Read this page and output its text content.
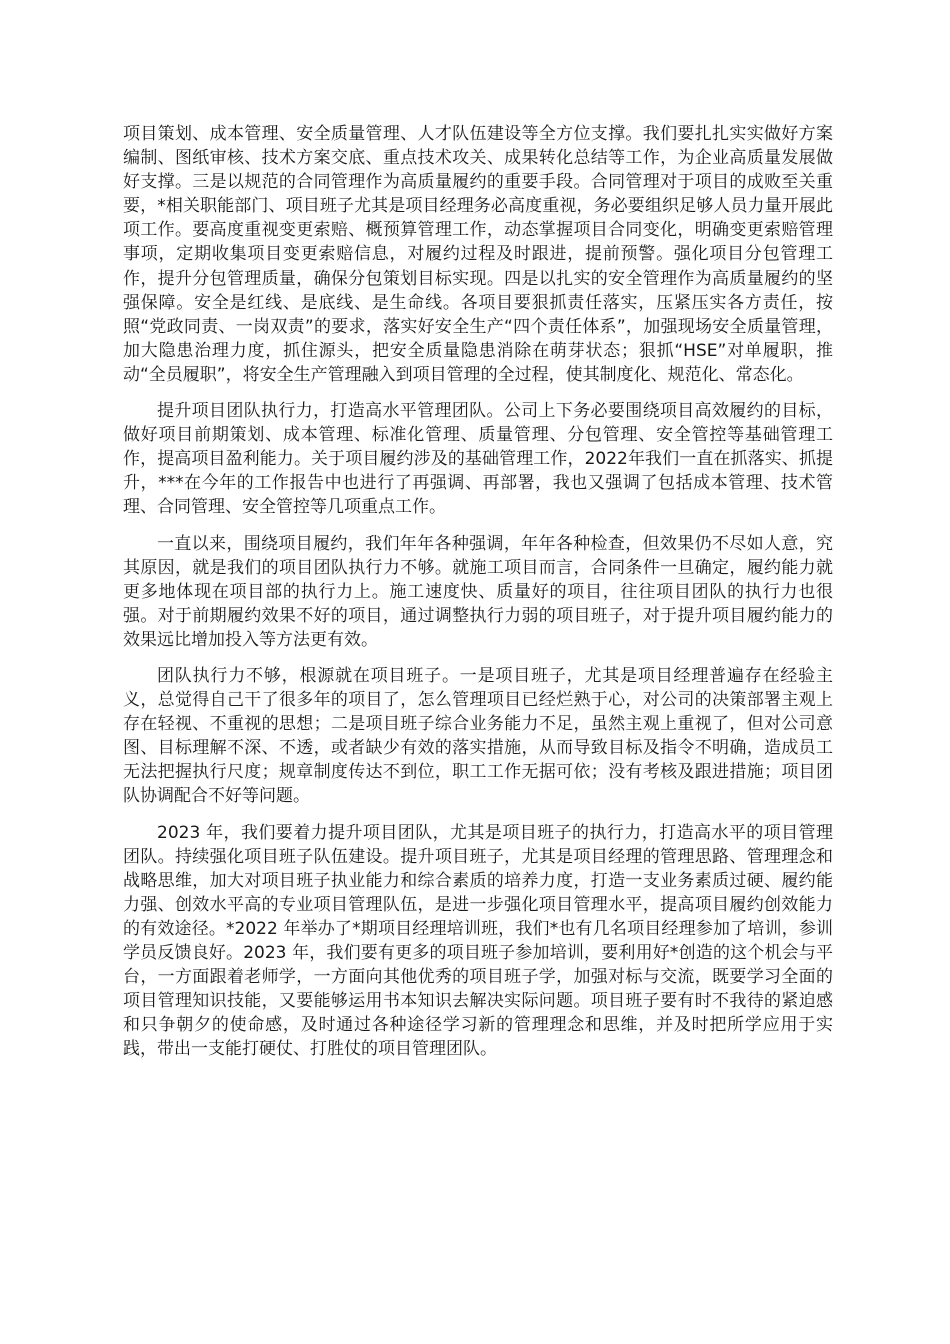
项目策划、成本管理、安全质量管理、人才队伍建设等全方位支撑。我们要扎扎实实做好方案编制、图纸审核、技术方案交底、重点技术攻关、成果转化总结等工作，为企业高质量发展做好支撑。三是以规范的合同管理作为高质量履约的重要手段。合同管理对于项目的成败至关重要，*相关职能部门、项目班子尤其是项目经理务必高度重视，务必要组织足够人员力量开展此项工作。要高度重视变更索赔、概预算管理工作，动态掌握项目合同变化，明确变更索赔管理事项，定期收集项目变更索赔信息，对履约过程及时跟进，提前预警。强化项目分包管理工作，提升分包管理质量，确保分包策划目标实现。四是以扎实的安全管理作为高质量履约的坚强保障。安全是红线、是底线、是生命线。各项目要狠抓责任落实，压紧压实各方责任，按照“党政同责、一岗双责”的要求，落实好安全生产“四个责任体系”，加强现场安全质量管理，加大隐患治理力度，抓住源头，把安全质量隐患消除在萌芽状态；狠抓“HSE”对单履职，推动“全员履职”，将安全生产管理融入到项目管理的全过程，使其制度化、规范化、常态化。

提升项目团队执行力，打造高水平管理团队。公司上下务必要围绕项目高效履约的目标，做好项目前期策划、成本管理、标准化管理、质量管理、分包管理、安全管控等基础管理工作，提高项目盈利能力。关于项目履约涉及的基础管理工作，2022年我们一直在抓落实、抓提升，***在今年的工作报告中也进行了再强调、再部署，我也又强调了包括成本管理、技术管理、合同管理、安全管控等几项重点工作。

一直以来，围绕项目履约，我们年年各种强调，年年各种检查，但效果仍不尽如人意，究其原因，就是我们的项目团队执行力不够。就施工项目而言，合同条件一旦确定，履约能力就更多地体现在项目部的执行力上。施工速度快、质量好的项目，往往项目团队的执行力也很强。对于前期履约效果不好的项目，通过调整执行力弱的项目班子，对于提升项目履约能力的效果远比增加投入等方法更有效。

团队执行力不够，根源就在项目班子。一是项目班子，尤其是项目经理普遍存在经验主义，总觉得自己干了很多年的项目了，怎么管理项目已经烂熟于心，对公司的决策部署主观上存在轻视、不重视的思想；二是项目班子综合业务能力不足，虽然主观上重视了，但对公司意图、目标理解不深、不透，或者缺少有效的落实措施，从而导致目标及指令不明确，造成员工无法把握执行尺度；规章制度传达不到位，职工工作无据可依；没有考核及跟进措施；项目团队协调配合不好等问题。

2023 年，我们要着力提升项目团队，尤其是项目班子的执行力，打造高水平的项目管理团队。持续强化项目班子队伍建设。提升项目班子，尤其是项目经理的管理思路、管理理念和战略思维，加大对项目班子执业能力和综合素质的培养力度，打造一支业务素质过硬、履约能力强、创效水平高的专业项目管理队伍，是进一步强化项目管理水平，提高项目履约创效能力的有效途径。*2022 年举办了*期项目经理培训班，我们*也有几名项目经理参加了培训，参训学员反馈良好。2023 年，我们要有更多的项目班子参加培训，要利用好*创造的这个机会与平台，一方面跟着老师学，一方面向其他优秀的项目班子学，加强对标与交流，既要学习全面的项目管理知识技能，又要能够运用书本知识去解决实际问题。项目班子要有时不我待的紧迫感和只争朝夕的使命感，及时通过各种途径学习新的管理理念和思维，并及时把所学应用于实践，带出一支能打硬仗、打胜仗的项目管理团队。
